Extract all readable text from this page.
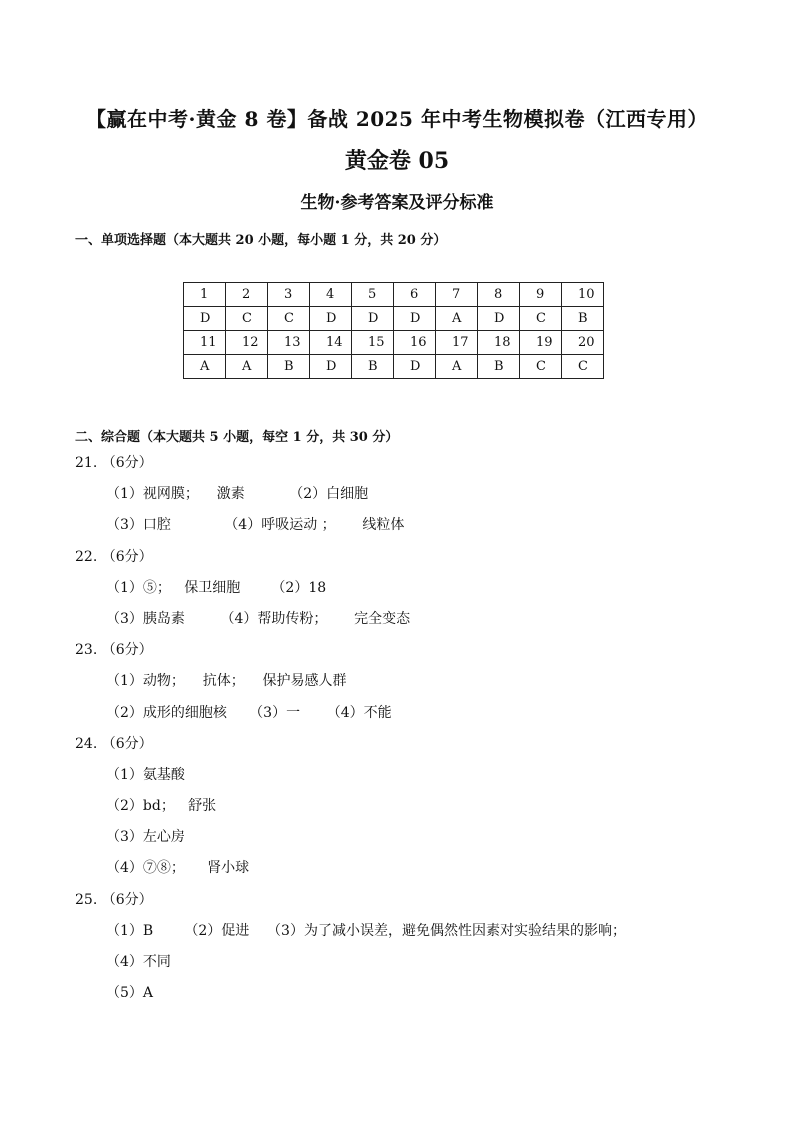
【赢在中考·黄金 8 卷】备战 2025 年中考生物模拟卷（江西专用）
黄金卷 05
生物·参考答案及评分标准
一、单项选择题（本大题共 20 小题，每小题 1 分，共 20 分）
1	2	3	4	5	6	7	8	9	10
D	C	C	D	D	D	A	D	C	B
11	12	13	14	15	16	17	18	19	20
A	A	B	D	B	D	A	B	C	C
二、综合题（本大题共 5 小题，每空 1 分，共 30 分）
21. （6分）
（1）视网膜；    激素          （2）白细胞
（3）口腔            （4）呼吸运动 ；      线粒体
22. （6分）
（1）⑤；   保卫细胞       （2）18
（3）胰岛素        （4）帮助传粉；      完全变态
23. （6分）
（1）动物；    抗体；    保护易感人群
（2）成形的细胞核     （3）一      （4）不能
24. （6分）
（1）氨基酸
（2）bd；   舒张
（3）左心房
（4）⑦⑧；     肾小球
25. （6分）
（1）B       （2）促进    （3）为了减小误差，避免偶然性因素对实验结果的影响；
（4）不同
（5）A
